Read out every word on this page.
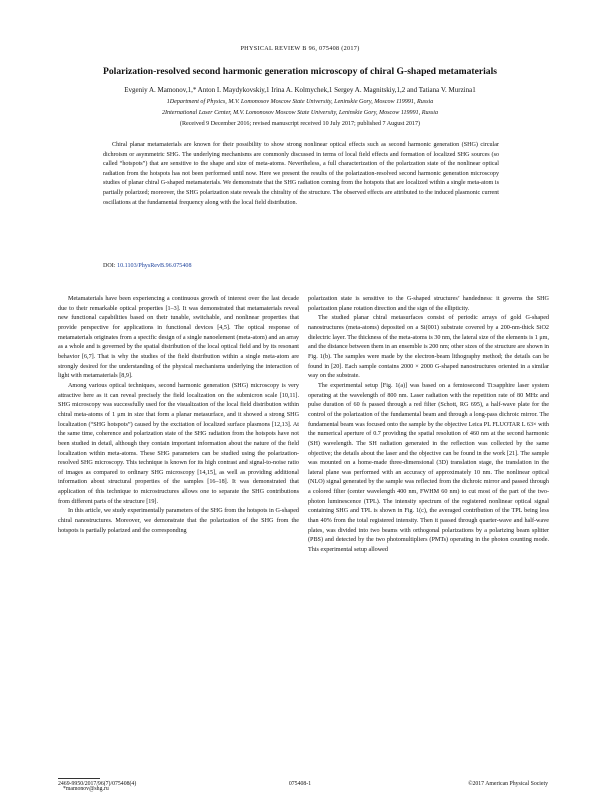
PHYSICAL REVIEW B 96, 075408 (2017)
Polarization-resolved second harmonic generation microscopy of chiral G-shaped metamaterials
Evgeniy A. Mamonov,1,* Anton I. Maydykovskiy,1 Irina A. Kolmychek,1 Sergey A. Magnitskiy,1,2 and Tatiana V. Murzina1
1Department of Physics, M.V. Lomonosov Moscow State University, Leninskie Gory, Moscow 119991, Russia
2International Laser Center, M.V. Lomonosov Moscow State University, Leninskie Gory, Moscow 119991, Russia
(Received 9 December 2016; revised manuscript received 10 July 2017; published 7 August 2017)
Chiral planar metamaterials are known for their possibility to show strong nonlinear optical effects such as second harmonic generation (SHG) circular dichroism or asymmetric SHG. The underlying mechanisms are commonly discussed in terms of local field effects and formation of localized SHG sources (so called “hotspots”) that are sensitive to the shape and size of meta-atoms. Nevertheless, a full characterization of the polarization state of the nonlinear optical radiation from the hotspots has not been performed until now. Here we present the results of the polarization-resolved second harmonic generation microscopy studies of planar chiral G-shaped metamaterials. We demonstrate that the SHG radiation coming from the hotspots that are localized within a single meta-atom is partially polarized; moreover, the SHG polarization state reveals the chirality of the structure. The observed effects are attributed to the induced plasmonic current oscillations at the fundamental frequency along with the local field distribution.
DOI: 10.1103/PhysRevB.96.075408

Metamaterials have been experiencing a continuous growth of interest over the last decade due to their remarkable optical properties [1–3]. It was demonstrated that metamaterials reveal new functional capabilities based on their tunable, switchable, and nonlinear properties that provide perspective for applications in functional devices [4,5]. The optical response of metamaterials originates from a specific design of a single nanoelement (meta-atom) and an array as a whole and is governed by the spatial distribution of the local optical field and by its resonant behavior [6,7]. That is why the studies of the field distribution within a single meta-atom are strongly desired for the understanding of the physical mechanisms underlying the interaction of light with metamaterials [8,9].

Among various optical techniques, second harmonic generation (SHG) microscopy is very attractive here as it can reveal precisely the field localization on the submicron scale [10,11]. SHG microscopy was successfully used for the visualization of the local field distribution within chiral meta-atoms of 1 μm in size that form a planar metasurface, and it showed a strong SHG localization (“SHG hotspots”) caused by the excitation of localized surface plasmons [12,13]. At the same time, coherence and polarization state of the SHG radiation from the hotspots have not been studied in detail, although they contain important information about the nature of the field localization within meta-atoms. These SHG parameters can be studied using the polarization-resolved SHG microscopy. This technique is known for its high contrast and signal-to-noise ratio of images as compared to ordinary SHG microscopy [14,15], as well as providing additional information about structural properties of the samples [16–18]. It was demonstrated that application of this technique to microstructures allows one to separate the SHG contributions from different parts of the structure [19].

In this article, we study experimentally parameters of the SHG from the hotspots in G-shaped chiral nanostructures. Moreover, we demonstrate that the polarization of the SHG from the hotspots is partially polarized and the corresponding

polarization state is sensitive to the G-shaped structures’ handedness: it governs the SHG polarization plane rotation direction and the sign of the ellipticity.

The studied planar chiral metasurfaces consist of periodic arrays of gold G-shaped nanostructures (meta-atoms) deposited on a Si(001) substrate covered by a 200-nm-thick SiO2 dielectric layer. The thickness of the meta-atoms is 30 nm, the lateral size of the elements is 1 μm, and the distance between them in an ensemble is 200 nm; other sizes of the structure are shown in Fig. 1(b). The samples were made by the electron-beam lithography method; the details can be found in [20]. Each sample contains 2000 × 2000 G-shaped nanostructures oriented in a similar way on the substrate.

The experimental setup [Fig. 1(a)] was based on a femtosecond Ti:sapphire laser system operating at the wavelength of 800 nm. Laser radiation with the repetition rate of 80 MHz and pulse duration of 60 fs passed through a red filter (Schott, RG 695), a half-wave plate for the control of the polarization of the fundamental beam and through a long-pass dichroic mirror. The fundamental beam was focused onto the sample by the objective Leica PL FLUOTAR L 63× with the numerical aperture of 0.7 providing the spatial resolution of 460 nm at the second harmonic (SH) wavelength. The SH radiation generated in the reflection was collected by the same objective; the details about the laser and the objective can be found in the work [21]. The sample was mounted on a home-made three-dimensional (3D) translation stage, the translation in the lateral plane was performed with an accuracy of approximately 10 nm. The nonlinear optical (NLO) signal generated by the sample was reflected from the dichroic mirror and passed through a colored filter (center wavelength 400 nm, FWHM 60 nm) to cut most of the part of the two-photon luminescence (TPL). The intensity spectrum of the registered nonlinear optical signal containing SHG and TPL is shown in Fig. 1(c), the averaged contribution of the TPL being less than 40% from the total registered intensity. Then it passed through quarter-wave and half-wave plates, was divided into two beams with orthogonal polarizations by a polarizing beam splitter (PBS) and detected by the two photomultipliers (PMTs) operating in the photon counting mode. This experimental setup allowed

*mamonov@shg.ru
2469-9950/2017/96(7)/075408(4)	075408-1	©2017 American Physical Society
